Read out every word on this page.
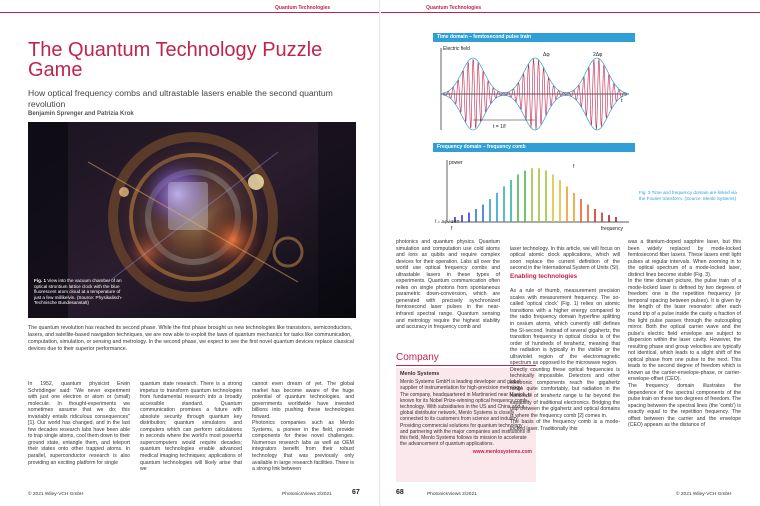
Quantum Technologies
The Quantum Technology Puzzle Game
How optical frequency combs and ultrastable lasers enable the second quantum revolution
Benjamin Sprenger and Patrizia Krok
Fig. 1 View into the vacuum chamber of an optical strontium lattice clock with the blue fluorescent atom cloud at a temperature of just a few millikelvin. (Source: Physikalisch-Technische Bundesanstalt)
The quantum revolution has reached its second phase. While the first phase brought us new technologies like transistors, semiconductors, lasers, and satellite-based navigation techniques, we are now able to exploit the laws of quantum mechanics for tasks like communication, computation, simulation, or sensing and metrology. In the second phase, we expect to see the first novel quantum devices replace classical devices due to their superior performance.
In 1952, quantum physicist Erwin Schrödinger said: "We never experiment with just one electron or atom or (small) molecule. In thought-experiments we sometimes assume that we do; this invariably entails ridiculous consequences" [1]. Our world has changed, and in the last few decades research labs have been able to trap single atoms, cool them down to their ground state, entangle them, and teleport their states onto other trapped atoms. In parallel, superconductor research is also providing an exciting platform for single
quantum state research. There is a strong impetus to transform quantum technologies from fundamental research into a broadly accessible standard. Quantum communication promises a future with absolute security through quantum key distribution; quantum simulators and computers which can perform calculations in seconds where the world's most powerful supercomputers would require decades; quantum technologies enable advanced medical imaging techniques; applications of quantum technologies will likely arise that we
cannot even dream of yet. The global market has become aware of the huge potential of quantum technologies, and governments worldwide have invested billions into pushing these technologies forward.
Photonics companies such as Menlo Systems, a pioneer in the field, provide components for these novel challenges. Numerous research labs as well as OEM integrators benefit from their robust technology that was previously only available in large research facilities. There is a strong link between
© 2021 Wiley-VCH GmbH	PhotonicsViews 2/2021	67
Quantum Technologies
Time domain – femtosecond pulse train
Electric field
Δφ	2Δφ
t = 1/f
t
Frequency domain – frequency comb
power
frequency
f
f
f = Δφ / 2πT
Fig. 3 Time and frequency domain are linked via the Fourier transform. (Source: Menlo Systems)
photonics and quantum physics. Quantum simulation and computation use cold atoms and ions as qubits and require complex devices for their operation. Labs all over the world use optical frequency combs and ultrastable lasers in these types of experiments. Quantum communication often relies on single photons from spontaneous parametric down-conversion, which are generated with precisely synchronized femtosecond laser pulses in the near-infrared spectral range. Quantum sensing and metrology require the highest stability and accuracy in frequency comb and
Company
Menlo Systems
Menlo Systems GmbH is leading developer and global supplier of instrumentation for high-precision metrology. The company, headquartered in Martinsried near Munich, is known for its Nobel Prize-winning optical frequency comb technology. With subsidiaries in the US and China and a global distributor network, Menlo Systems is closely connected to its customers from science and industry. Providing commercial solutions for quantum technology and partnering with the major companies and institutions in this field, Menlo Systems follows its mission to accelerate the advancement of quantum applications.
www.menlosystems.com

laser technology. In this article, we will focus on optical atomic clock applications, which will soon replace the current definition of the second in the International System of Units (SI).

Enabling technologies

As a rule of thumb, measurement precision scales with measurement frequency. The so-called 'optical clock' (Fig. 1) relies on atomic transitions with a higher energy compared to the radio frequency domain hyperfine splitting in cesium atoms, which currently still defines the SI-second. Instead of several gigahertz, the transition frequency in optical clocks is of the order of hundreds of terahertz, meaning that the radiation is typically in the visible or the ultraviolet region of the electromagnetic spectrum as opposed to the microwave region.
Directly counting these optical frequencies is technically impossible. Detectors and other electronic components reach the gigahertz range quite comfortably, but radiation in the hundreds of terahertz range is far beyond the capability of traditional electronics. Bridging the gap between the gigahertz and optical domains is where the frequency comb [2] comes in.
The basis of the frequency comb is a mode-locked laser. Traditionally this

was a titanium-doped sapphire laser, but this been widely replaced by mode-locked femtosecond fiber lasers. These lasers emit light pulses at regular intervals. When zooming in to the optical spectrum of a mode-locked laser, distinct lines become visible (Fig. 3).
In the time domain picture, the pulse train of a mode-locked laser is defined by two degrees of freedom: one is the repetition frequency (or temporal spacing between pulses). It is given by the length of the laser resonator: after each round trip of a pulse inside the cavity a fraction of the light pulse passes through the outcoupling mirror. Both the optical carrier wave and the pulse's electric field envelope are subject to dispersion within the laser cavity. However, the resulting phase and group velocities are typically not identical, which leads to a slight shift of the optical phase from one pulse to the next. This leads to the second degree of freedom which is known as the carrier-envelope-phase, or carrier-envelope-offset (CEO).
The frequency domain illustrates the dependence of the spectral components of the pulse train on these two degrees of freedom. The spacing between the spectral lines (the 'comb') is exactly equal to the repetition frequency. The offset between the carrier and the envelope (CEO) appears as the distance of
68	PhotonicsViews 2/2021	© 2021 Wiley-VCH GmbH
